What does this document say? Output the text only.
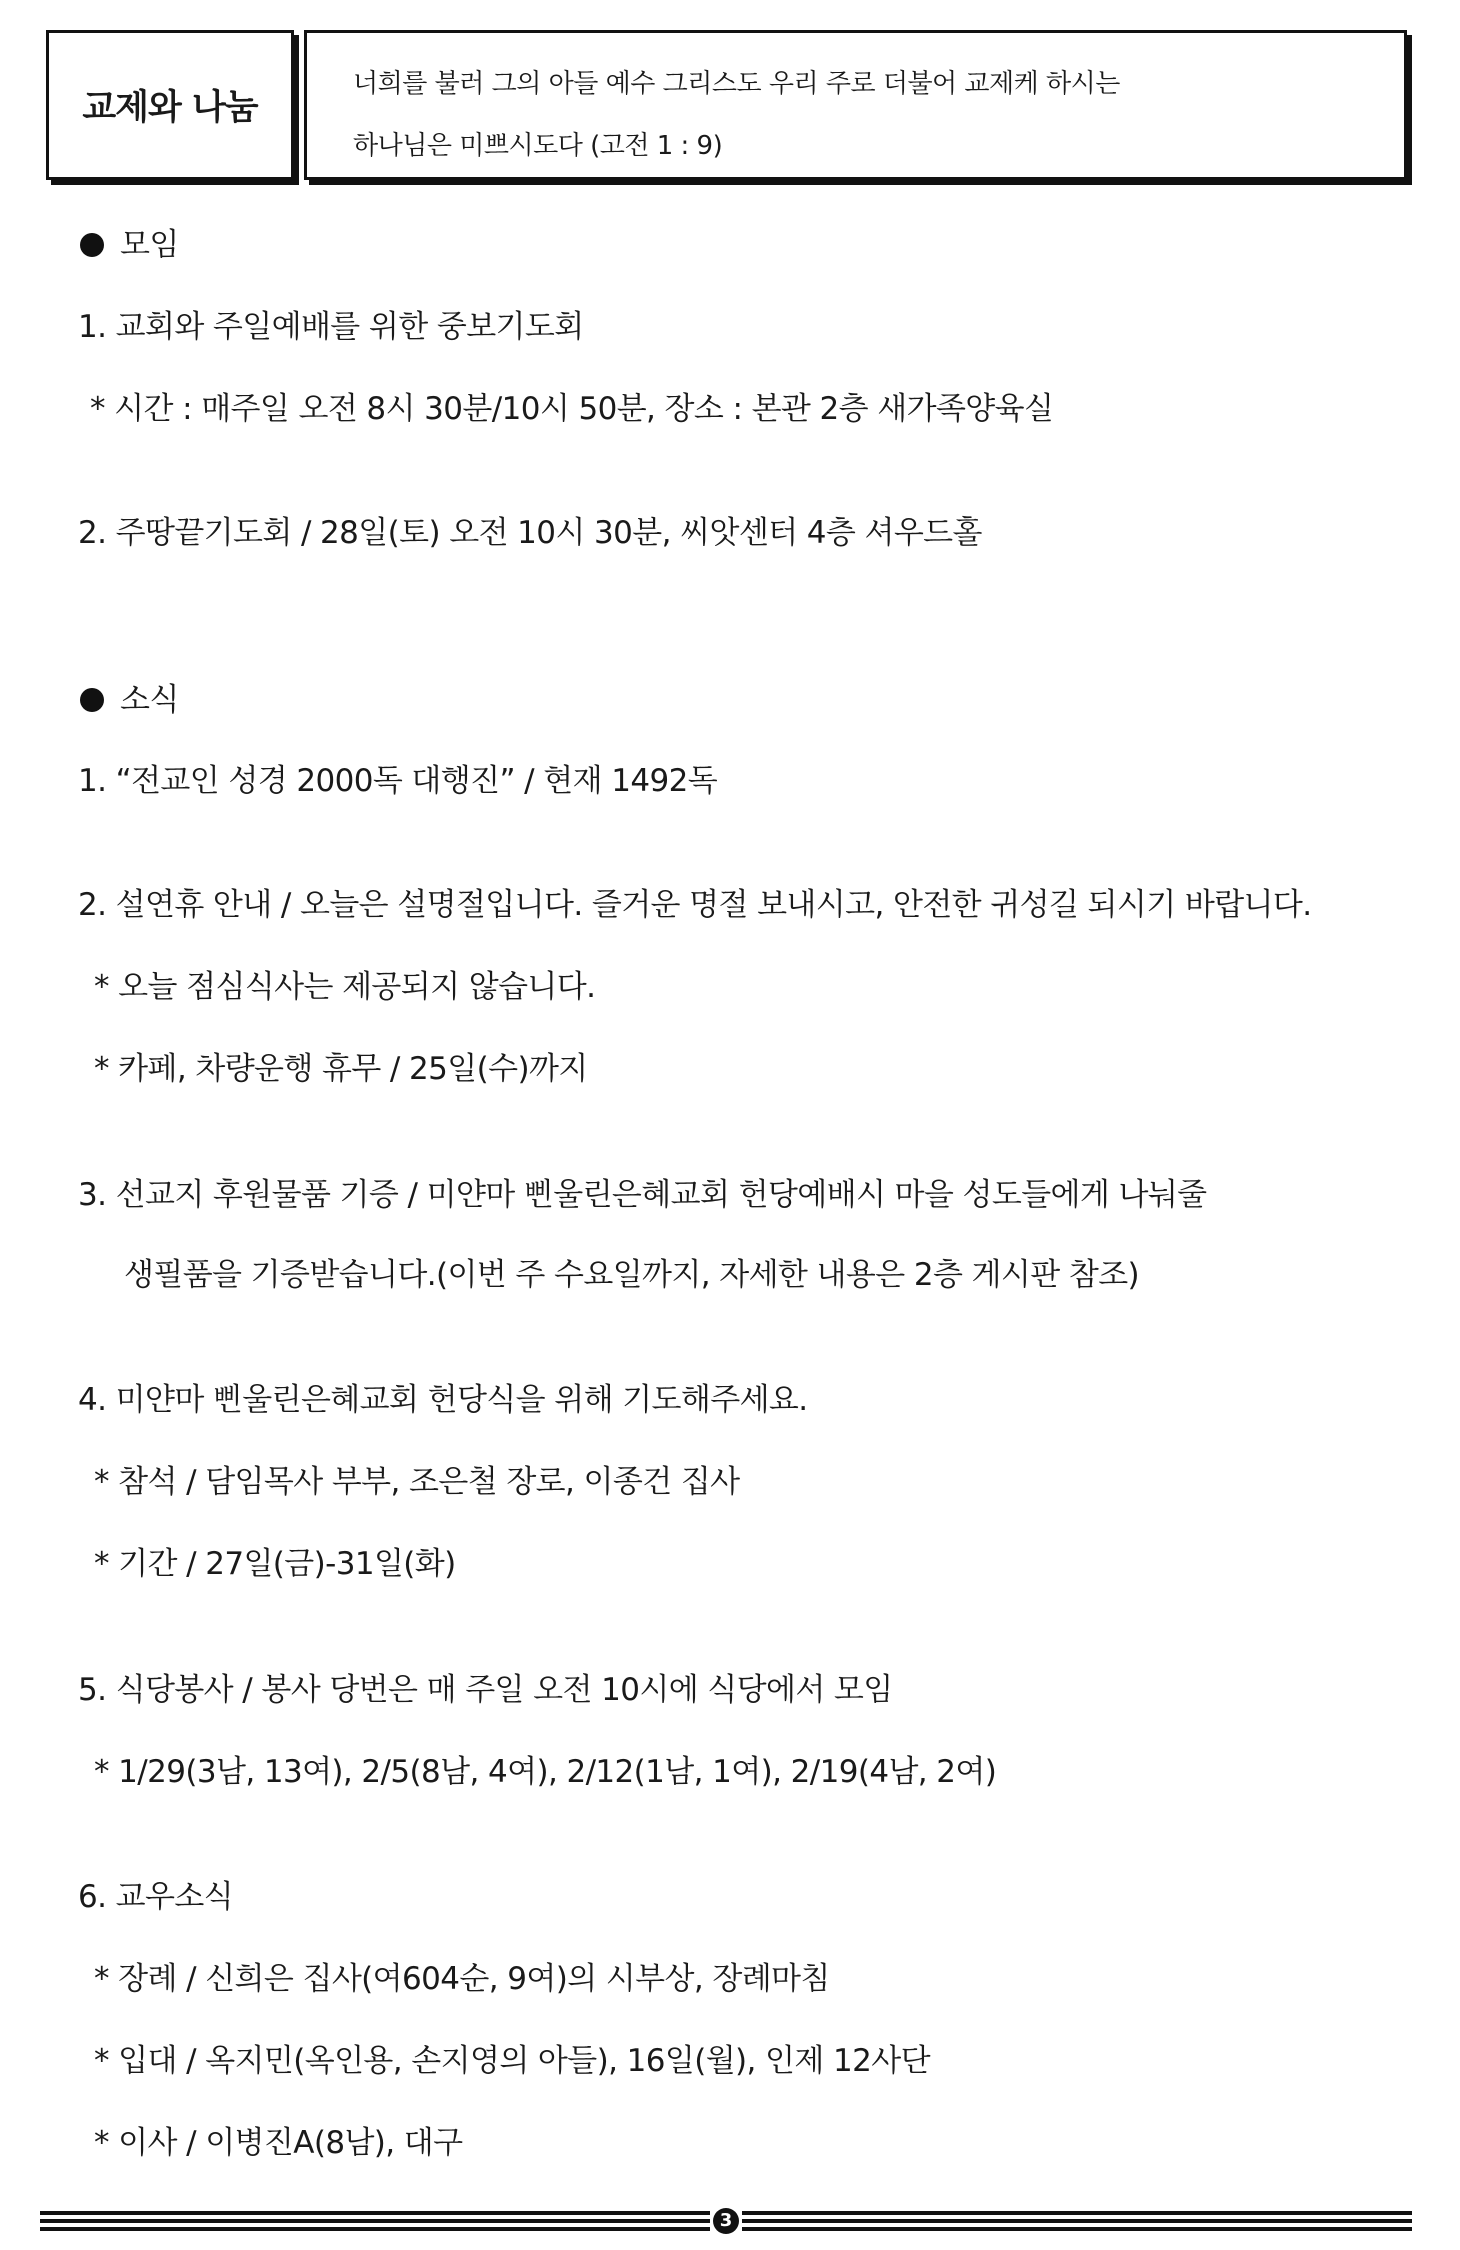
교제와 나눔
너희를 불러 그의 아들 예수 그리스도 우리 주로 더불어 교제케 하시는
하나님은 미쁘시도다 (고전 1 : 9)
모임
1. 교회와 주일예배를 위한 중보기도회
* 시간 : 매주일 오전 8시 30분/10시 50분, 장소 : 본관 2층 새가족양육실
2. 주땅끝기도회 / 28일(토) 오전 10시 30분, 씨앗센터 4층 셔우드홀
소식
1. “전교인 성경 2000독 대행진” / 현재 1492독
2. 설연휴 안내 / 오늘은 설명절입니다. 즐거운 명절 보내시고, 안전한 귀성길 되시기 바랍니다.
* 오늘 점심식사는 제공되지 않습니다.
* 카페, 차량운행 휴무 / 25일(수)까지
3. 선교지 후원물품 기증 / 미얀마 삔울린은혜교회 헌당예배시 마을 성도들에게 나눠줄
생필품을 기증받습니다.(이번 주 수요일까지, 자세한 내용은 2층 게시판 참조)
4. 미얀마 삔울린은혜교회 헌당식을 위해 기도해주세요.
* 참석 / 담임목사 부부, 조은철 장로, 이종건 집사
* 기간 / 27일(금)-31일(화)
5. 식당봉사 / 봉사 당번은 매 주일 오전 10시에 식당에서 모임
* 1/29(3남, 13여), 2/5(8남, 4여), 2/12(1남, 1여), 2/19(4남, 2여)
6. 교우소식
* 장례 / 신희은 집사(여604순, 9여)의 시부상, 장례마침
* 입대 / 옥지민(옥인용, 손지영의 아들), 16일(월), 인제 12사단
* 이사 / 이병진A(8남), 대구
3
